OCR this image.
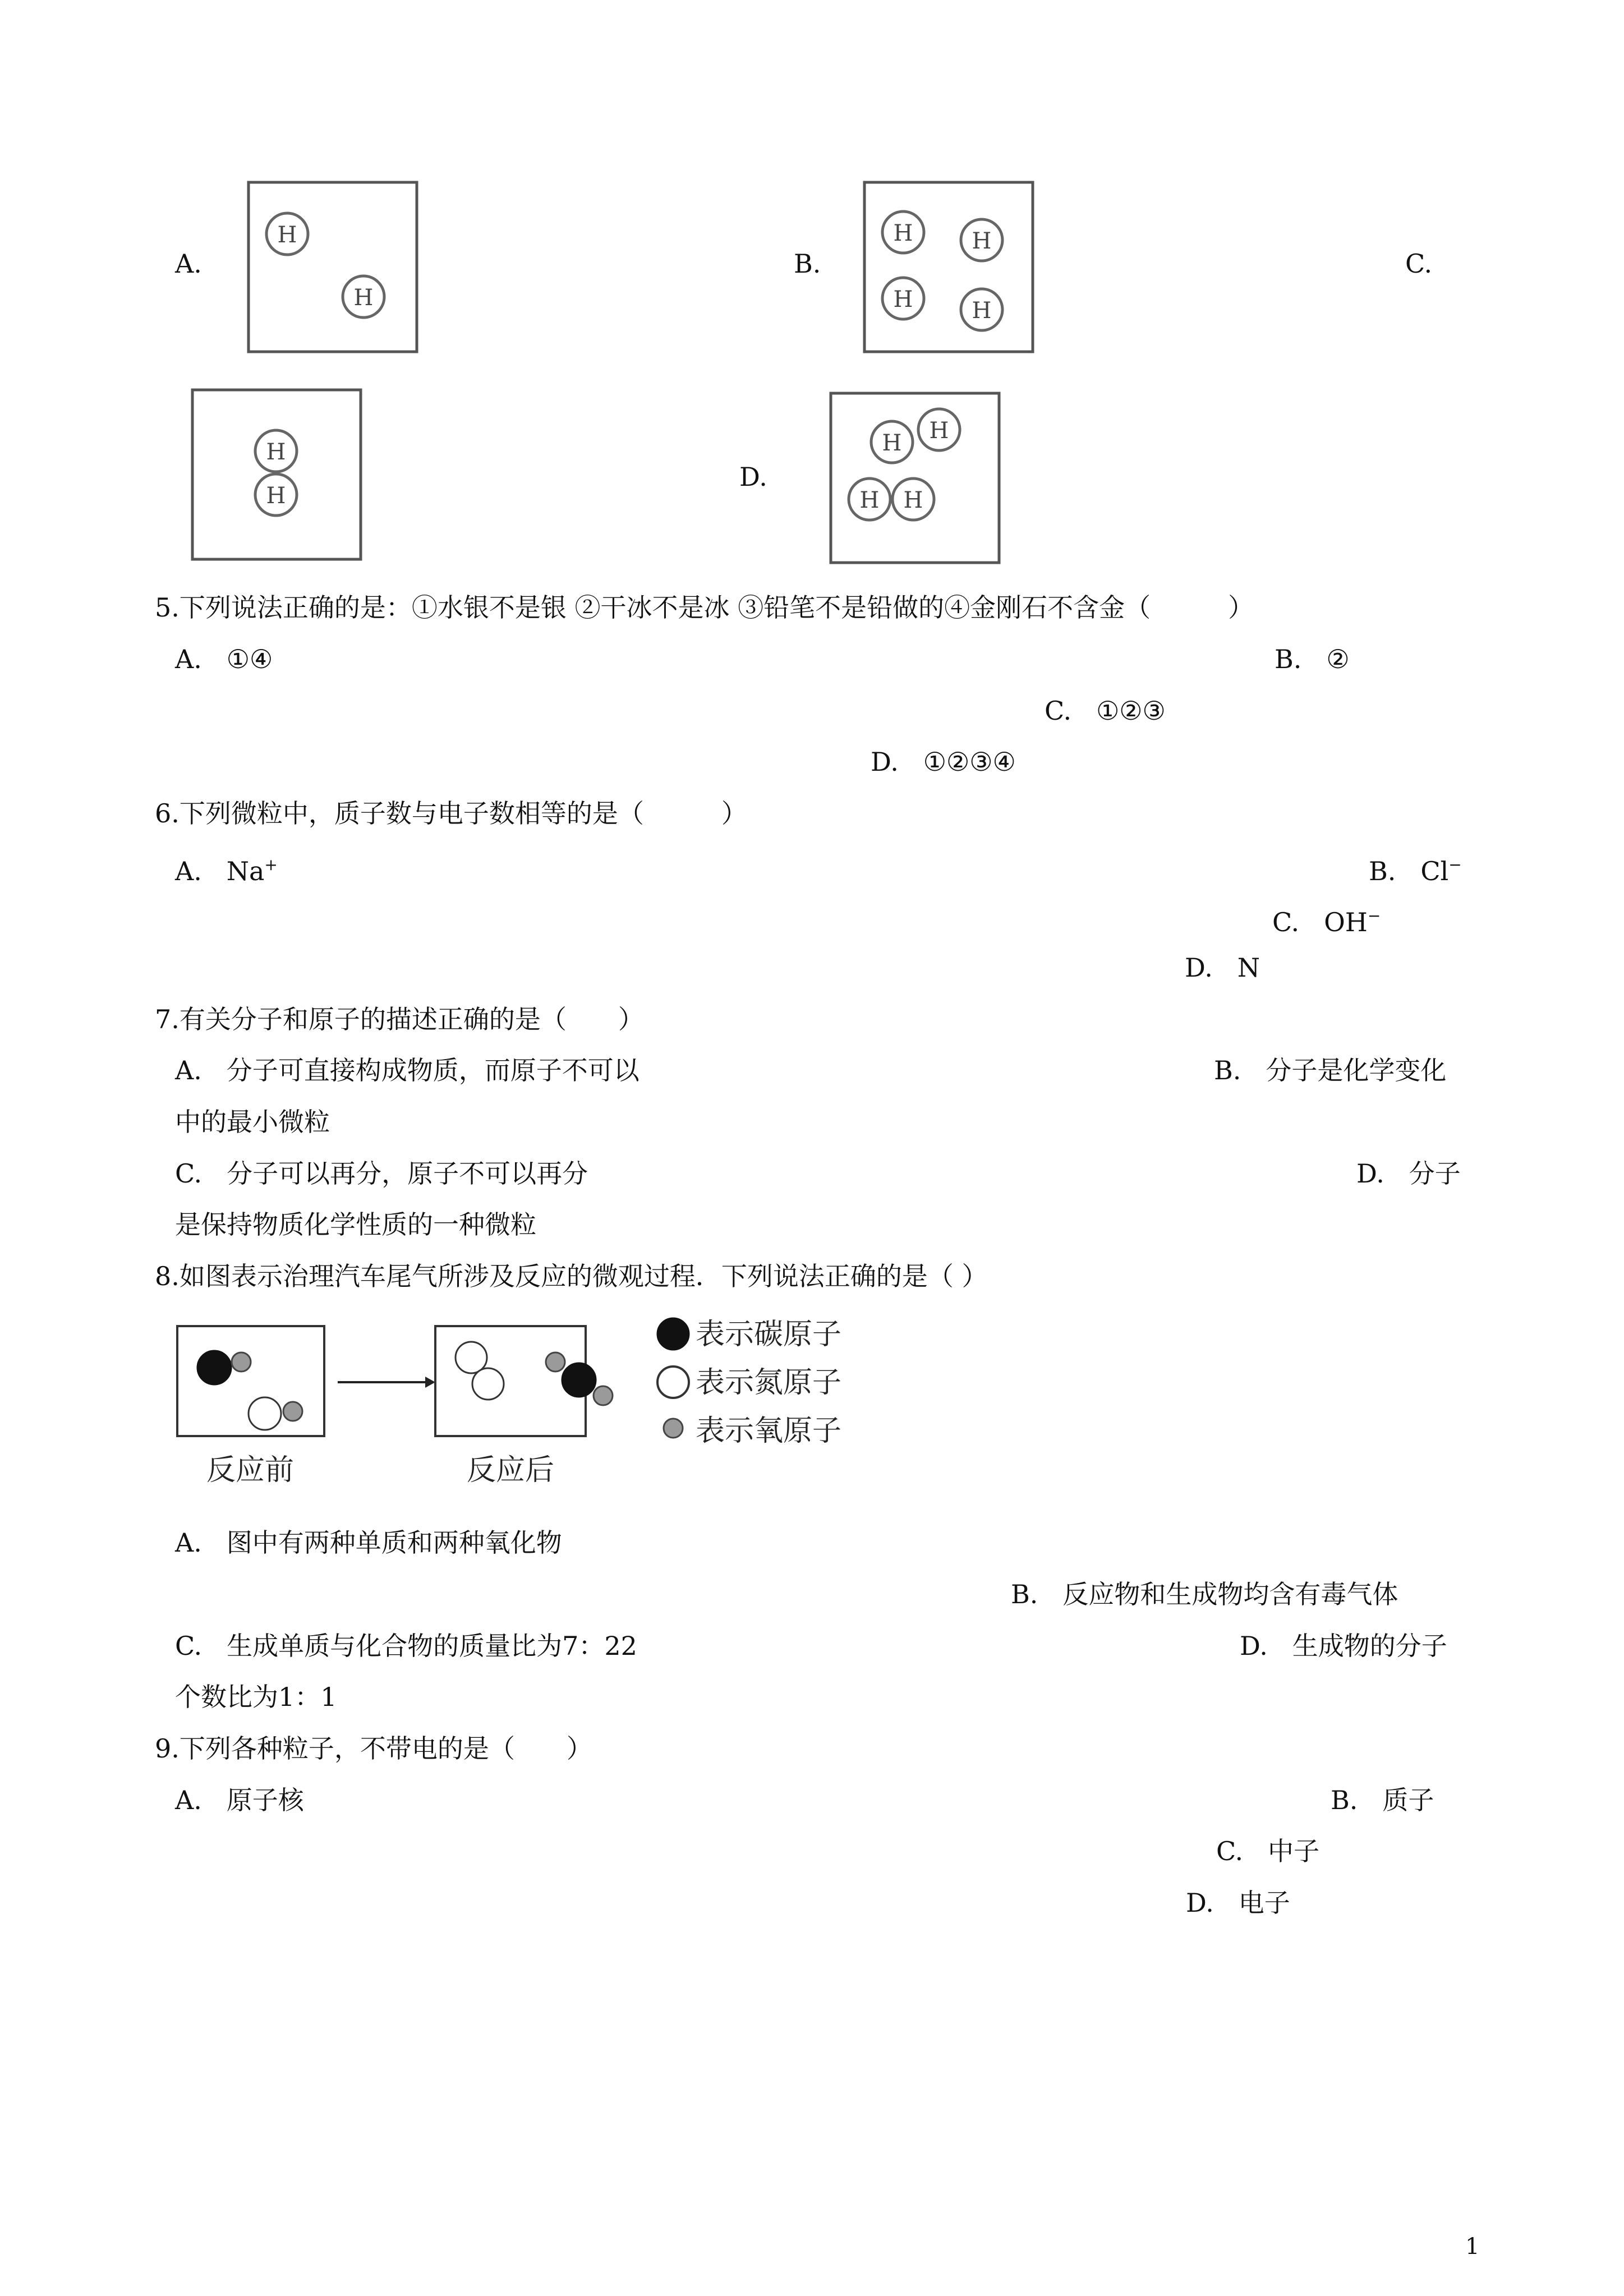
A.
H
H
B.
H	H
H	H
C.
H
H
D.
H H
H H
5.下列说法正确的是：①水银不是银 ②干冰不是冰 ③铅笔不是铅做的④金刚石不含金（　　　）
A. ①④	B. ②
C. ①②③
D. ①②③④
6.下列微粒中，质子数与电子数相等的是（　　　）
A. Na+	B. Cl−
C. OH−
D. N
7.有关分子和原子的描述正确的是（　　）
A. 分子可直接构成物质，而原子不可以	B. 分子是化学变化
中的最小微粒
C. 分子可以再分，原子不可以再分	D. 分子
是保持物质化学性质的一种微粒
8.如图表示治理汽车尾气所涉及反应的微观过程．下列说法正确的是（ ）
反应前	反应后
表示碳原子
表示氮原子
表示氧原子
A. 图中有两种单质和两种氧化物
B. 反应物和生成物均含有毒气体
C. 生成单质与化合物的质量比为7：22	D. 生成物的分子
个数比为1：1
9.下列各种粒子，不带电的是（　　）
A. 原子核	B. 质子
C. 中子
D. 电子
1
